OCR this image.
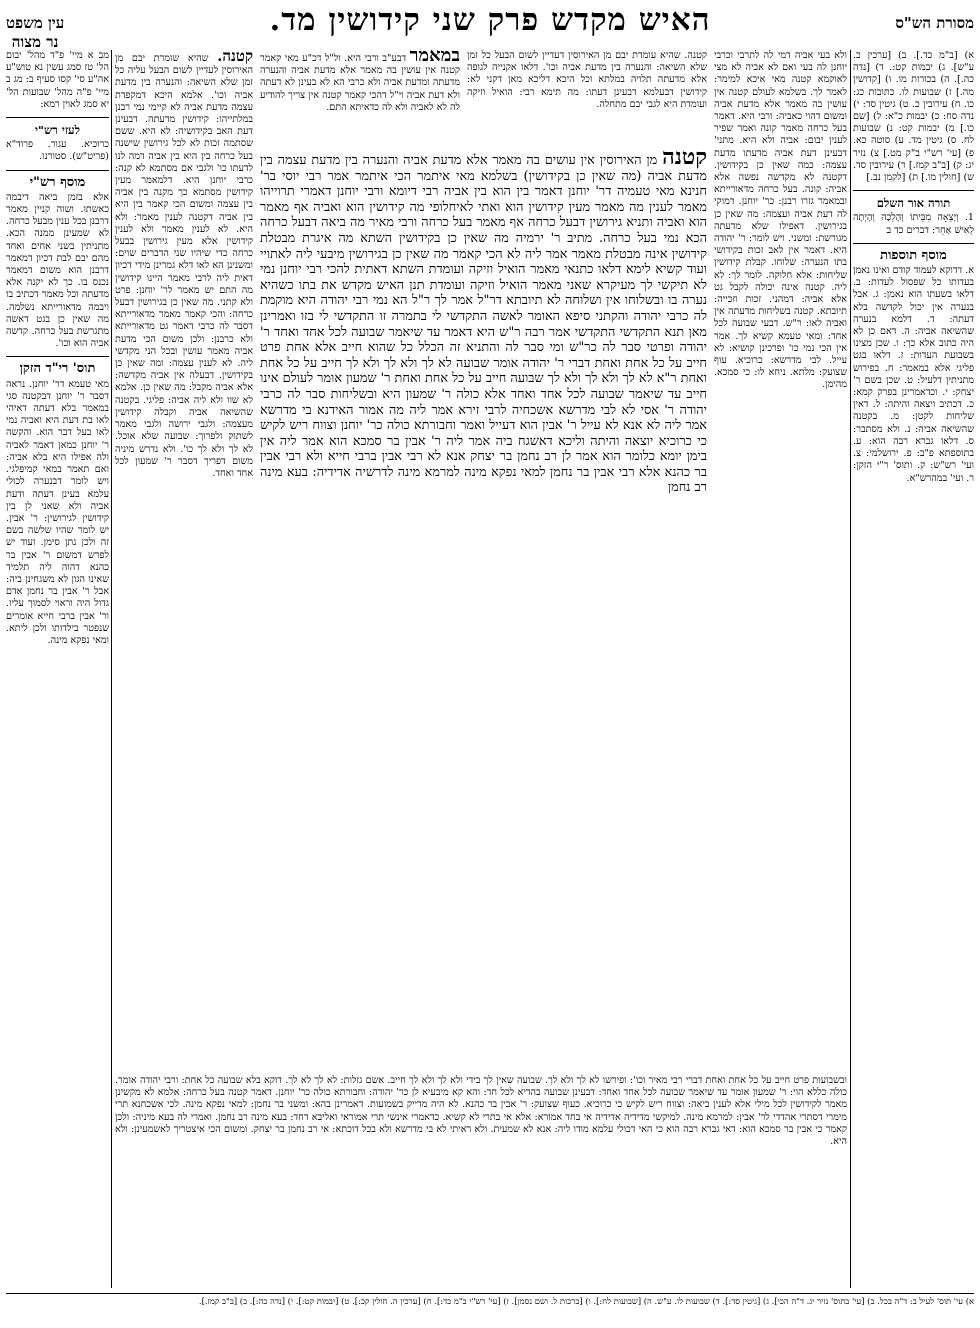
מסורת הש"ס
האיש מקדש פרק שני קידושין מד.
עין משפט
נר מצוה
קטנה. שהיא עומדת יבם מן האירוסין דעדיין לשום הבעל כל זמן שלא השיאה: והנערה בין מדעת אביה וכו'. דלאו אקנייה לגופה אלא מדעתה תלויה במלתא וכל היכא דליכא מאן דקני לא: קידושין דבעלמא דבעינן דעתו: מה תימא רבי: הואיל וזיקה ועומדת היא לגבי יבם מתחלה.
במאמר דבע"ב ורבי היא. ול"ל דכ"ע מאי קאמר קטנה אין עושין בה מאמר אלא מדעת אביה והנערה מדעתה ומדעת אביה ולא כרבי הא לא בעינן לא דעתה ולא דעת אביה וי"ל דהכי קאמר קטנה אין צריך להודיע לה לא לאביה ולא לה כדאיתא התם.
קטנה מן האירוסין אין עושים בה מאמר אלא מדעת אביה והנערה בין מדעת עצמה בין מדעת אביה (מה שאין כן בקידושין) בשלמא מאי איתמר הכי איתמר אמר רבי יוסי בר' חנינא מאי טעמיה דר' יוחנן דאמר בין הוא בין אביה רבי דיומא ורבי יוחנן דאמרי תרוייהו מאמר לענין מה מאמר מעין קידושין הוא ואתי לאיחלופי מה קידושין הוא ואביה אף מאמר הוא ואביה ותניא גירושין דבעל כרחה אף מאמר בעל כרחה ורבי מאיר מה ביאה דבעל כרחה הכא נמי בעל כרחה. מתיב ר' ירמיה מה שאין כן בקידושין השתא מה איגרת מבטלת קידושין אינה מבטלת מאמר אמר ליה לא הכי קאמר מה שאין כן בגירושין מיבעי ליה לאתויי ועוד קשיא לימא דלאו כתנאי מאמר הואיל וזיקה ועומדת השתא דאתית להכי רבי יוחנן נמי לא תיקשי לך מעיקרא שאני מאמר הואיל וזיקה ועומדת תנן האיש מקדש את בתו כשהיא נערה בו ובשלוחו אין ושלוחה לא תיובתא דר"ל אמר לך ר"ל הא נמי רבי יהודה היא מוקמת לה כרבי יהודה והקתני סיפא האומר לאשה התקדשי לי בתמרה זו התקדשי לי בזו ואמרינן מאן תנא התקדשי התקדשי אמר רבה ר"ש היא דאמר עד שיאמר שבועה לכל אחד ואחד ר' יהודה ופרטי סבר לה כר"ש ומי סבר לה והתניא זה הכלל כל שהוא חייב אלא אחת פרט חייב על כל אחת ואחת דברי ר' יהודה אומר שבועה לא לך ולא לך ולא לך חייב על כל אחת ואחת ר"א לא לך ולא לך ולא לך שבועה חייב על כל אחת ואחת ר' שמעון אומר לעולם אינו חייב עד שיאמר שבועה לכל אחד ואחד אלא כולה ר' שמעון היא ובשליחות סבר לה כרבי יהודה ר' אסי לא לבי מדרשא אשכחיה לרבי זירא אמר ליה מה אמור האידנא בי מדרשא אמר ליה לא אנא לא עייל ר' אבין הוא דעייל ואמר וחבורתא כולה כר' יוחנן וצווח ריש לקיש כי כרוכיא יוצאה והיתה וליכא דאשגח ביה אמר ליה ר' אבין בר סמכא הוא אמר ליה אין בימן יומא כלומר הוא אמר לן רב נחמן בר יצחק אנא לא רבי אבין ברבי חייא ולא רבי אבין בר כהנא אלא רבי אבין בר נחמן למאי נפקא מינה למרמא מינה לדרשיה אדידיה: בעא מינה רב נחמן
ולא בעי אביה דמי לה לתרבי וכרבי יוחנן לה בעי ואם לא אביה לא מצי לאוקמא קטנה מאי איכא למימר: לאמר לך. בשלמא לעולם קטנה אין עושין בה מאמר אלא מדעת אביה ומשום דהוי כאביה: ורבי היא. דאמר בעל כרחה מאמר קונה ואמר שפיר לענין יבום: אביה ולא היא. מתני' דבעינן דעת אביה מדעתו מדעת עצמה: כמה שאין כן בקידושין. דקטנה לא מקדשה נפשה אלא אביה: קונה. בעל כרחה מדאורייתא ובמאמר גזרו רבנן: כר' יוחנן. דמוקי לה דעת אביה ועצמה: מה שאין כן בגירושין. דאפילו שלא מדעתה מגורשת: ומשני. ויש לומר: ר' יהודה היא. דאמר אין לאב זכות בקידושי בתו הנערה: שלוחו. קבלת קידושין שליחות: אלא חלוקה. לומר לך: לא ליה. קטנה אינה יכולה לקבל גט אלא אביה: דמהני. זכות וזכייה: תיובתא. קטנה בשליחות מדעתה אין ואביה לאו: ר"ש. דבעי שבועה לכל אחד: ומאי טעמא קשיא לך. אמר אין הכי נמי כו' ופרכינן קושיא: לא עייל. לבי מדרשא: כרוכיא. עוף שצועק: מלתא. ניחא לו: כי סמכא. מהימן.
קטנה. שהיא שומרת יבם מן האירוסין לעדיין לשום הבעל עליה כל זמן שלא השיאה: והנערה בין מדעת אביה וכו'. אלמא היכא דמקפדת עצמה מדעת אביה לא קיימי נמי רבנן במלתייהו: קידושין מדעתה. דבעינן דעת האב בקידושיה: לא היא. ששם שסתמה זכות לא לכל גירושין שישנה בעל כרחה בין היא בין אביה דמה לנו לדעתו כו' ולגבי אם מסתמא לא קנה: כרבי יוחנן היא. דלמאמר מעין קידושין מסתמא כך מקנה בין אביה בין עצמה ומשום הכי קאמר בין היא בין אביה דקטנה לענין מאמר: ולא היא. לא לענין מאמר ולא לענין קידושין אלא מעין גירושין בבעל כרחה כדי שיהיו שני הדברים שוים: ומשנינן הא לאו דלא גמרינן מידי דכיון דאית ליה לרבי מאמר היינו קידושין מה התם יש מאמר לר' יוחנן: פרט ולא קתני. מה שאין כן בגירושין דבעל כרחה: והכי קאמר מאמר מדאורייתא דסבר לה כרבי דאמר גט מדאורייתא ולא כרבנן: ולכן משום הכי מדעת אביה מאמר עושין ובכל הני מקדשי ליה. לא לענין עצמה: ומה שאין כן בקידושין. דבעלה אין אביה מקדשה: אלא אביה מקבל: מה שאין כן. אלמא לא שוו ולא ליה אביה: פליגי. בקטנה שהשיאה אביה וקבלה קידושין מעצמה: ולגבי ירושה ולגבי מאמר לשתוק ולפרוך: שבועה שלא אוכל. לא לך ולא לך כו'. ולא נדרש מיניה משום דפריך דסבר ר' שמעון לכל אחד ואחד.
ובשבועות פרט חייב על כל אחת ואחת דברי רבי מאיר וכו': ופירשו לא לך ולא לך. שבועה שאין לך בידי ולא לך ולא לך חייב. אשם גזלות: לא לך לא לך. דוקא בלא שבועה כל אחת: ורבי יהודה אומר. כולה כללא הוי: ר' שמעון אומר עד שיאמר שבועה לכל אחד ואחד: דבעינן שבועה בהדיא לכל חד: והא קא מיבעיא לן כר' יהודה: וחבורתא כולה כר' יוחנן. דאמר קטנה בעל כרחה: אלמא לא מקשינן מאמר לקידושין לכל מילי אלא לענין ביאה: וצווח ריש לקיש כי כרוכיא. כעוף שצועק: ר' אבין בר כהנא. לא היה מדייק בשמועות. דאמרינן בהא: ומשני בר נחמן: למאי נפקא מינה. לכי אשכחנא תרי מימרי דסתרי אהדדי לר' אבין: למרמא מינה. למיקשי מדידיה אדידיה אי בחד אמורא: אלא אי בתרי לא קשיא. כדאמרי אינשי תרי אמוראי ואליבא דחד: בעא מינה רב נחמן. ואמרי לה בעא מיניה: ולכן קאמר כי אבין בר סמכא הוא: דאי גברא רבה הוא כי האי דכולי עלמא מודו ליה: אנא לא שמעית. ולא ראיתי לא בי מדרשא ולא בכל דוכתא: אי רב נחמן בר יצחק. ומשום הכי איצטריך לאשמעינן: ולא היא.

א) [ב"מ כד.]. ב) [ערכין כ. ע"ש]. ג) יבמות קט:. ד) [נדה כה.]. ה) בכורות מו. ו) [קדושין מה.] ז) שבועות לו. כתובות כג: כו. ח) עירובין כ. ט) גיטין סד: י) נדה סח: כ) יבמות כ"א: ל) [שם כו.] מ) יבמות קט: נ) שבועות לח. ס) גיטין מד. ע) סוטה כא. פ) [עי' רש"י ב"ק מט.] צ) נזיר יג: ק) [ב"ב קמז.] ר) עירובין סד. ש) [חולין מו.] ת) [לקמן נב.]

תורה אור השלם

1. וְיָצְאָה מִבֵּיתוֹ וְהָלְכָה וְהָיְתָה לְאִישׁ אַחֵר: דברים כד ב

מוסף תוספות

א. דדוקא לעמוד קודם ואינו נאמן בעדותו כל שפסול לעדות: ב. דלאו בשעתו הוא נאמן: ג. אבל בנערה אין יכול לקדשה בלא דעתה: ד. דלמא בנערה שהשיאה אביה: ה. דאם כן לא היה כתוב אלא כך: ו. שכן מצינו בשבועת העדות: ז. דלאו בגט פליגי אלא במאמר: ח. בפירוש מתניתין דלעיל: ט. שכן בשם ר' יצחק: י. וכדאמרינן בפרק קמא: כ. דכתיב ויצאה והיתה: ל. דאין שליחות לקטן: מ. בקטנה שהשיאה אביה: נ. ולא מסתבר: ס. דלאו גברא רבה הוא: ע. בתוספתא פ"ב: פ. ירושלמי: צ. ועי' רש"ש: ק. ותוס' ר"י הזקן: ר. ועי' במהרש"א.

מב א מיי' פ"ד מהל' יבום הל' טז סמג עשין נא טוש"ע אה"ע סי' קסו סעיף ב: מג ב מיי' פ"ה מהל' שבועות הל' יא סמג לאוין רמא:

לעזי רש"י

כרוכיא. עגור. פרוד"א (פריט"ש). סטורנו.

מוסף רש"י

אלא בזמן ביאה דיבמה כאשתו. ושוה קניין מאמר דרבנן בכל ענין מבעל כרחה. לא שמעינן ממנה הכא. מתניתין בשני אחים ואחד מהם יבם לבת דכיון דמאמר דרבנן הוא משום דמאמר נכנס בו. כך לא יקנה אלא מדעתה וכל מאמר דכתיב בו ויבמה מדאורייתא נשלמה. מה שאין כן בגט דאשה מתגרשת בעל כרחה. קדשה אביה הוא וכו'.

תוס' רי"ד הזקן

מאי טעמא דר' יוחנן. נראה דסבר ר' יוחנן דבקטנה סגי במאמר בלא דעתה דאיהי לאו בת דעת היא ואביה נמי לאו בעל דבר הוא. והקשה ר' יוחנן כמאן דאמר לאביה ולה אפילו היא בלא אביה: ואם תאמר במאי קמיפלגי. ויש לומר דבנערה לכולי עלמא בעינן דעתה ודעת אביה ולא שאני לן בין קידושין לגירושין: ר' אבין. יש לומר שהיו שלשה בשם זה ולכן נתן סימן. ועוד יש לפרש דמשום ר' אבין בר כהנא דהוה ליה תלמיד שאינו הגון לא משגחינן ביה: אבל ר' אבין בר נחמן אדם גדול היה וראוי לסמוך עליו. ור' אבין ברבי חייא אומרים שנפטר בילדותו ולכן ליתא. ומאי נפקא מינה.

א) עי' תוס' לעיל ב: ד"ה בכל. ב) [עי' בתוס' נזיר יג. ד"ה הכי]. ג) [גיטין סד:]. ד) שבועות לו. ע"ש. ה) [שבועות לח:]. ו) [ברכות ל. ושם נסמן]. ז) [עי' רש"י ב"מ כד:]. ח) [ערכין ה. חולין קכ:]. ט) [יבמות קט:]. י) [נדה כה:]. כ) [ב"ב קמז.].
